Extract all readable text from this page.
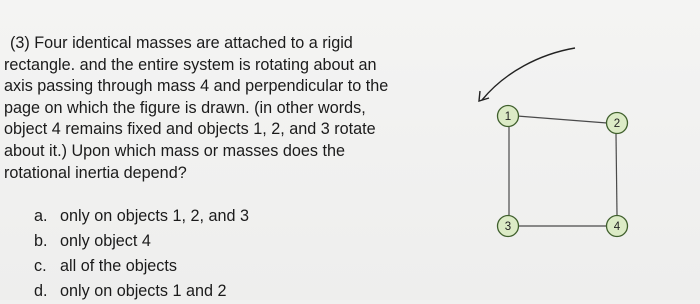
(3) Four identical masses are attached to a rigid
rectangle. and the entire system is rotating about an
axis passing through mass 4 and perpendicular to the
page on which the figure is drawn. (in other words,
object 4 remains fixed and objects 1, 2, and 3 rotate
about it.) Upon which mass or masses does the
rotational inertia depend?
a. only on objects 1, 2, and 3
b. only object 4
c. all of the objects
d. only on objects 1 and 2
1
2
3	4
